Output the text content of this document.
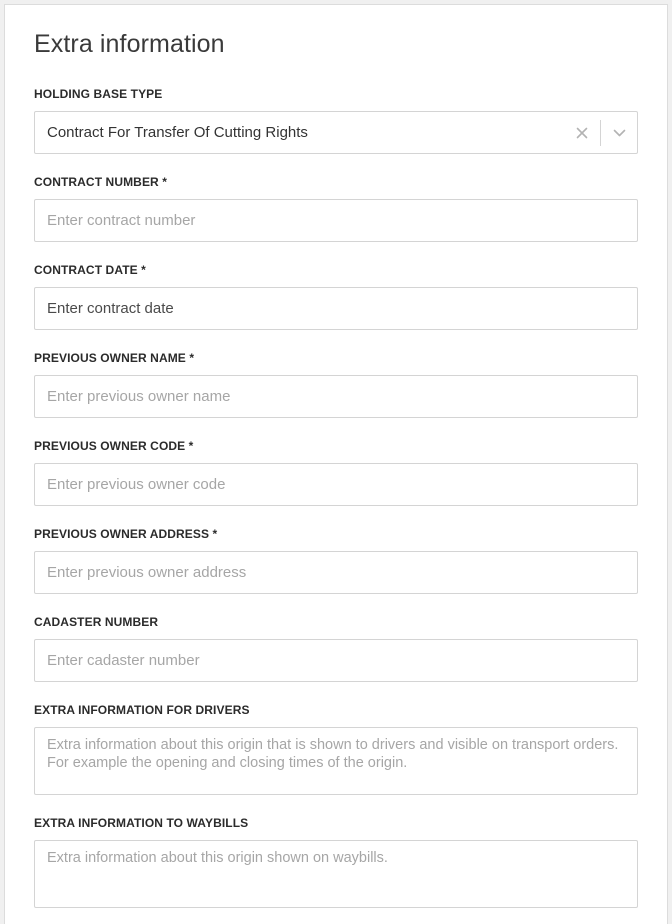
Extra information
HOLDING BASE TYPE
Contract For Transfer Of Cutting Rights
CONTRACT NUMBER *
Enter contract number
CONTRACT DATE *
Enter contract date
PREVIOUS OWNER NAME *
Enter previous owner name
PREVIOUS OWNER CODE *
Enter previous owner code
PREVIOUS OWNER ADDRESS *
Enter previous owner address
CADASTER NUMBER
Enter cadaster number
EXTRA INFORMATION FOR DRIVERS
Extra information about this origin that is shown to drivers and visible on transport orders. For example the opening and closing times of the origin.
EXTRA INFORMATION TO WAYBILLS
Extra information about this origin shown on waybills.
